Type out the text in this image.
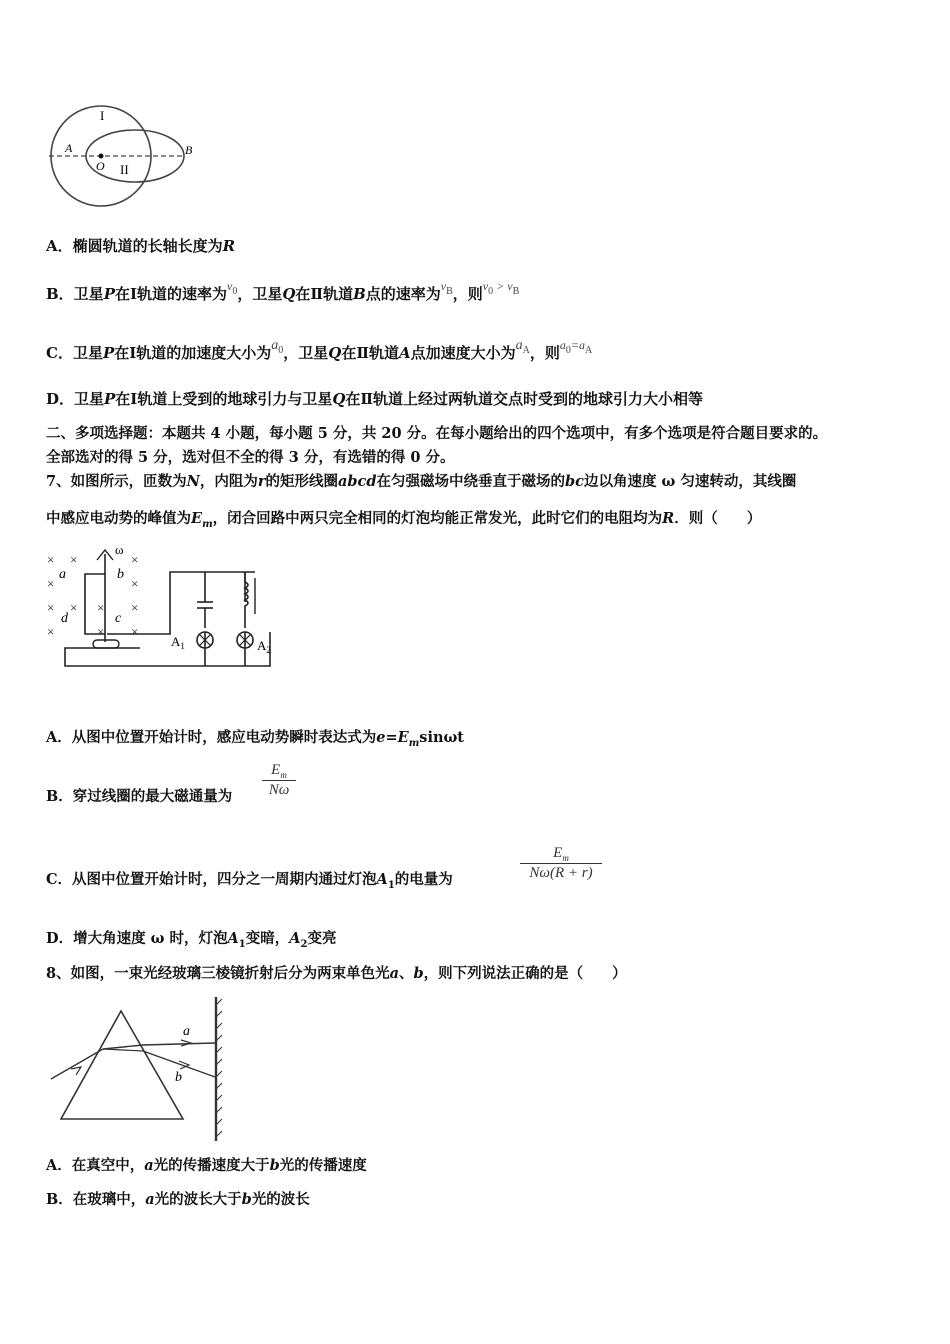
I
II
A	B
O
A．椭圆轨道的长轴长度为R
B．卫星P在Ⅰ轨道的速率为$^{v_0}$，卫星Q在Ⅱ轨道B点的速率为$^{v_B}$，则$^{v_0 > v_B}$
C．卫星P在Ⅰ轨道的加速度大小为$a_0$，卫星Q在Ⅱ轨道A点加速度大小为$a_A$，则$^{a_0=a_A}$
D．卫星P在Ⅰ轨道上受到的地球引力与卫星Q在Ⅱ轨道上经过两轨道交点时受到的地球引力大小相等
二、多项选择题：本题共 4 小题，每小题 5 分，共 20 分。在每小题给出的四个选项中，有多个选项是符合题目要求的。
全部选对的得 5 分，选对但不全的得 3 分，有选错的得 0 分。
7、如图所示，匝数为N，内阻为r的矩形线圈abcd在匀强磁场中绕垂直于磁场的bc边以角速度 ω 匀速转动，其线圈
中感应电动势的峰值为$E_m$，闭合回路中两只完全相同的灯泡均能正常发光，此时它们的电阻均为R．则（　　）
× ×	×
×	×
× ×	×
×	×
×
×
ω
a	b
c
d
$A_1$	$A_2$
A．从图中位置开始计时，感应电动势瞬时表达式为$e=E_m\sin\omega t$
B．穿过线圈的最大磁通量为
$E_m$
Nω
C．从图中位置开始计时，四分之一周期内通过灯泡$A_1$的电量为
$E_m$
Nω(R + r)
D．增大角速度 ω 时，灯泡$A_1$变暗，$A_2$变亮
8、如图，一束光经玻璃三棱镜折射后分为两束单色光a、b，则下列说法正确的是（　　）
a
b
A．在真空中，a光的传播速度大于b光的传播速度
B．在玻璃中，a光的波长大于b光的波长
